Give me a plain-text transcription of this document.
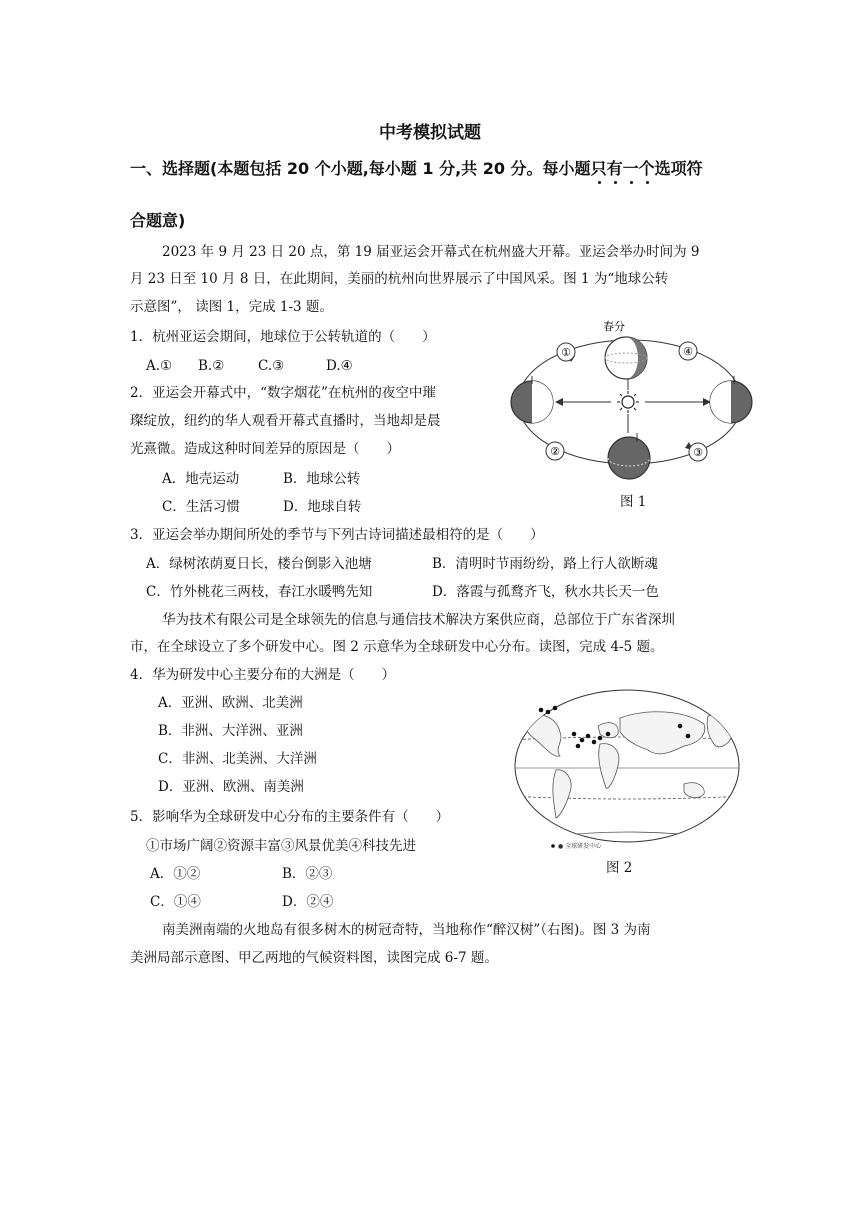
中考模拟试题
一、选择题(本题包括 20 个小题,每小题 1 分,共 20 分。每小题只有一个选项符
合题意)
2023 年 9 月 23 日 20 点，第 19 届亚运会开幕式在杭州盛大开幕。亚运会举办时间为 9
月 23 日至 10 月 8 日，在此期间，美丽的杭州向世界展示了中国风采。图 1 为“地球公转
示意图”， 读图 1，完成 1-3 题。
1．杭州亚运会期间，地球位于公转轨道的（　　）
A.① B.② C.③	D.④
2．亚运会开幕式中，“数字烟花”在杭州的夜空中璀
璨绽放，纽约的华人观看开幕式直播时，当地却是晨
光熹微。造成这种时间差异的原因是（　　）
A．地壳运动	B．地球公转
C．生活习惯	D．地球自转
春分
①
②	③
④
图 1
3．亚运会举办期间所处的季节与下列古诗词描述最相符的是（　　）
A．绿树浓荫夏日长，楼台倒影入池塘	B．清明时节雨纷纷，路上行人欲断魂
C．竹外桃花三两枝，春江水暖鸭先知	D．落霞与孤鹜齐飞，秋水共长天一色
华为技术有限公司是全球领先的信息与通信技术解决方案供应商，总部位于广东省深圳
市，在全球设立了多个研发中心。图 2 示意华为全球研发中心分布。读图，完成 4-5 题。
4．华为研发中心主要分布的大洲是（　　）
A．亚洲、欧洲、北美洲
B．非洲、大洋洲、亚洲
C．非洲、北美洲、大洋洲
D．亚洲、欧洲、南美洲
● 全球研发中心
图 2
5．影响华为全球研发中心分布的主要条件有（　　）
①市场广阔②资源丰富③风景优美④科技先进
A．①②	B．②③
C．①④	D．②④
南美洲南端的火地岛有很多树木的树冠奇特，当地称作“醉汉树”（右图)。图 3 为南
美洲局部示意图、甲乙两地的气候资料图，读图完成 6-7 题。
